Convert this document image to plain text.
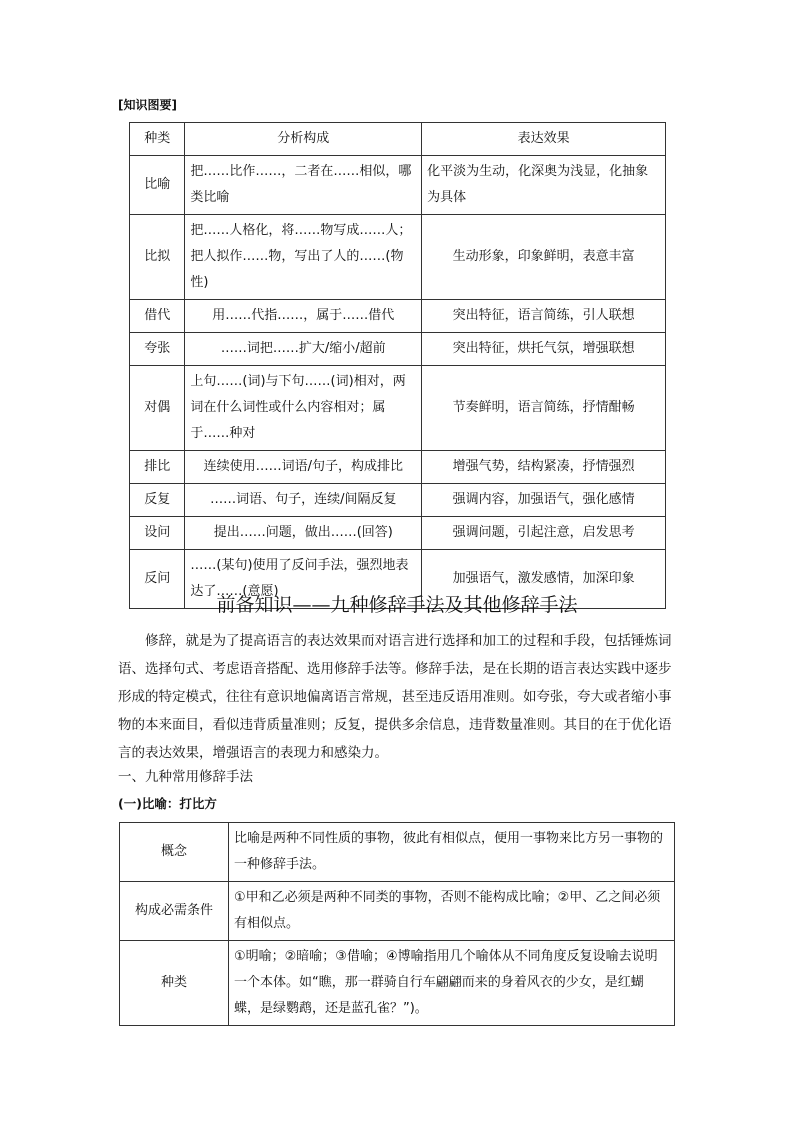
[知识图要]
种类	分析构成	表达效果
比喻	把……比作……，二者在……相似，哪类比喻	化平淡为生动，化深奥为浅显，化抽象为具体
比拟	把……人格化，将……物写成……人；把人拟作……物，写出了人的……(物性)	生动形象，印象鲜明，表意丰富
借代	用……代指……，属于……借代	突出特征，语言简练，引人联想
夸张	……词把……扩大/缩小/超前	突出特征，烘托气氛，增强联想
对偶	上句……(词)与下句……(词)相对，两词在什么词性或什么内容相对；属于……种对	节奏鲜明，语言简练，抒情酣畅
排比	连续使用……词语/句子，构成排比	增强气势，结构紧凑，抒情强烈
反复	……词语、句子，连续/间隔反复	强调内容，加强语气，强化感情
设问	提出……问题，做出……(回答)	强调问题，引起注意，启发思考
反问	……(某句)使用了反问手法，强烈地表达了……(意愿)	加强语气，激发感情，加深印象
前备知识——九种修辞手法及其他修辞手法

修辞，就是为了提高语言的表达效果而对语言进行选择和加工的过程和手段，包括锤炼词语、选择句式、考虑语音搭配、选用修辞手法等。修辞手法，是在长期的语言表达实践中逐步形成的特定模式，往往有意识地偏离语言常规，甚至违反语用准则。如夸张，夸大或者缩小事物的本来面目，看似违背质量准则；反复，提供多余信息，违背数量准则。其目的在于优化语言的表达效果，增强语言的表现力和感染力。

一、九种常用修辞手法
(一)比喻：打比方
概念	比喻是两种不同性质的事物，彼此有相似点，便用一事物来比方另一事物的一种修辞手法。
构成必需条件	①甲和乙必须是两种不同类的事物，否则不能构成比喻；②甲、乙之间必须有相似点。
种类	①明喻；②暗喻；③借喻；④博喻指用几个喻体从不同角度反复设喻去说明一个本体。如“瞧，那一群骑自行车翩翩而来的身着风衣的少女，是红蝴蝶，是绿鹦鹉，还是蓝孔雀？”)。
